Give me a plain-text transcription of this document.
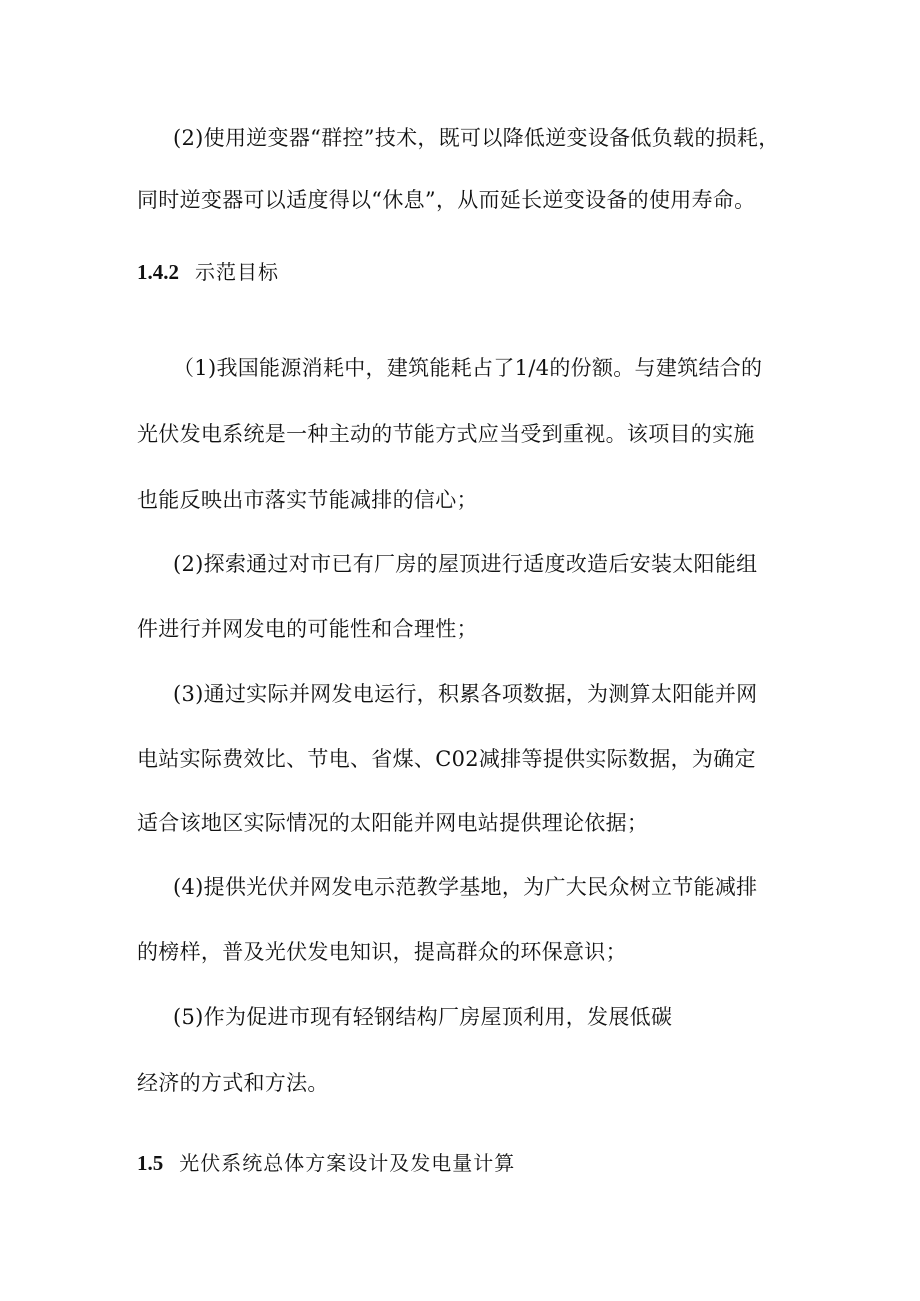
(2)使用逆变器“群控”技术，既可以降低逆变设备低负载的损耗，
同时逆变器可以适度得以“休息”，从而延长逆变设备的使用寿命。
1.4.2 示范目标
（1)我国能源消耗中，建筑能耗占了1/4的份额。与建筑结合的
光伏发电系统是一种主动的节能方式应当受到重视。该项目的实施
也能反映出市落实节能减排的信心；
(2)探索通过对市已有厂房的屋顶进行适度改造后安装太阳能组
件进行并网发电的可能性和合理性；
(3)通过实际并网发电运行，积累各项数据，为测算太阳能并网
电站实际费效比、节电、省煤、C02减排等提供实际数据，为确定
适合该地区实际情况的太阳能并网电站提供理论依据；
(4)提供光伏并网发电示范教学基地，为广大民众树立节能减排
的榜样，普及光伏发电知识，提高群众的环保意识；
(5)作为促进市现有轻钢结构厂房屋顶利用，发展低碳
经济的方式和方法。
1.5 光伏系统总体方案设计及发电量计算
